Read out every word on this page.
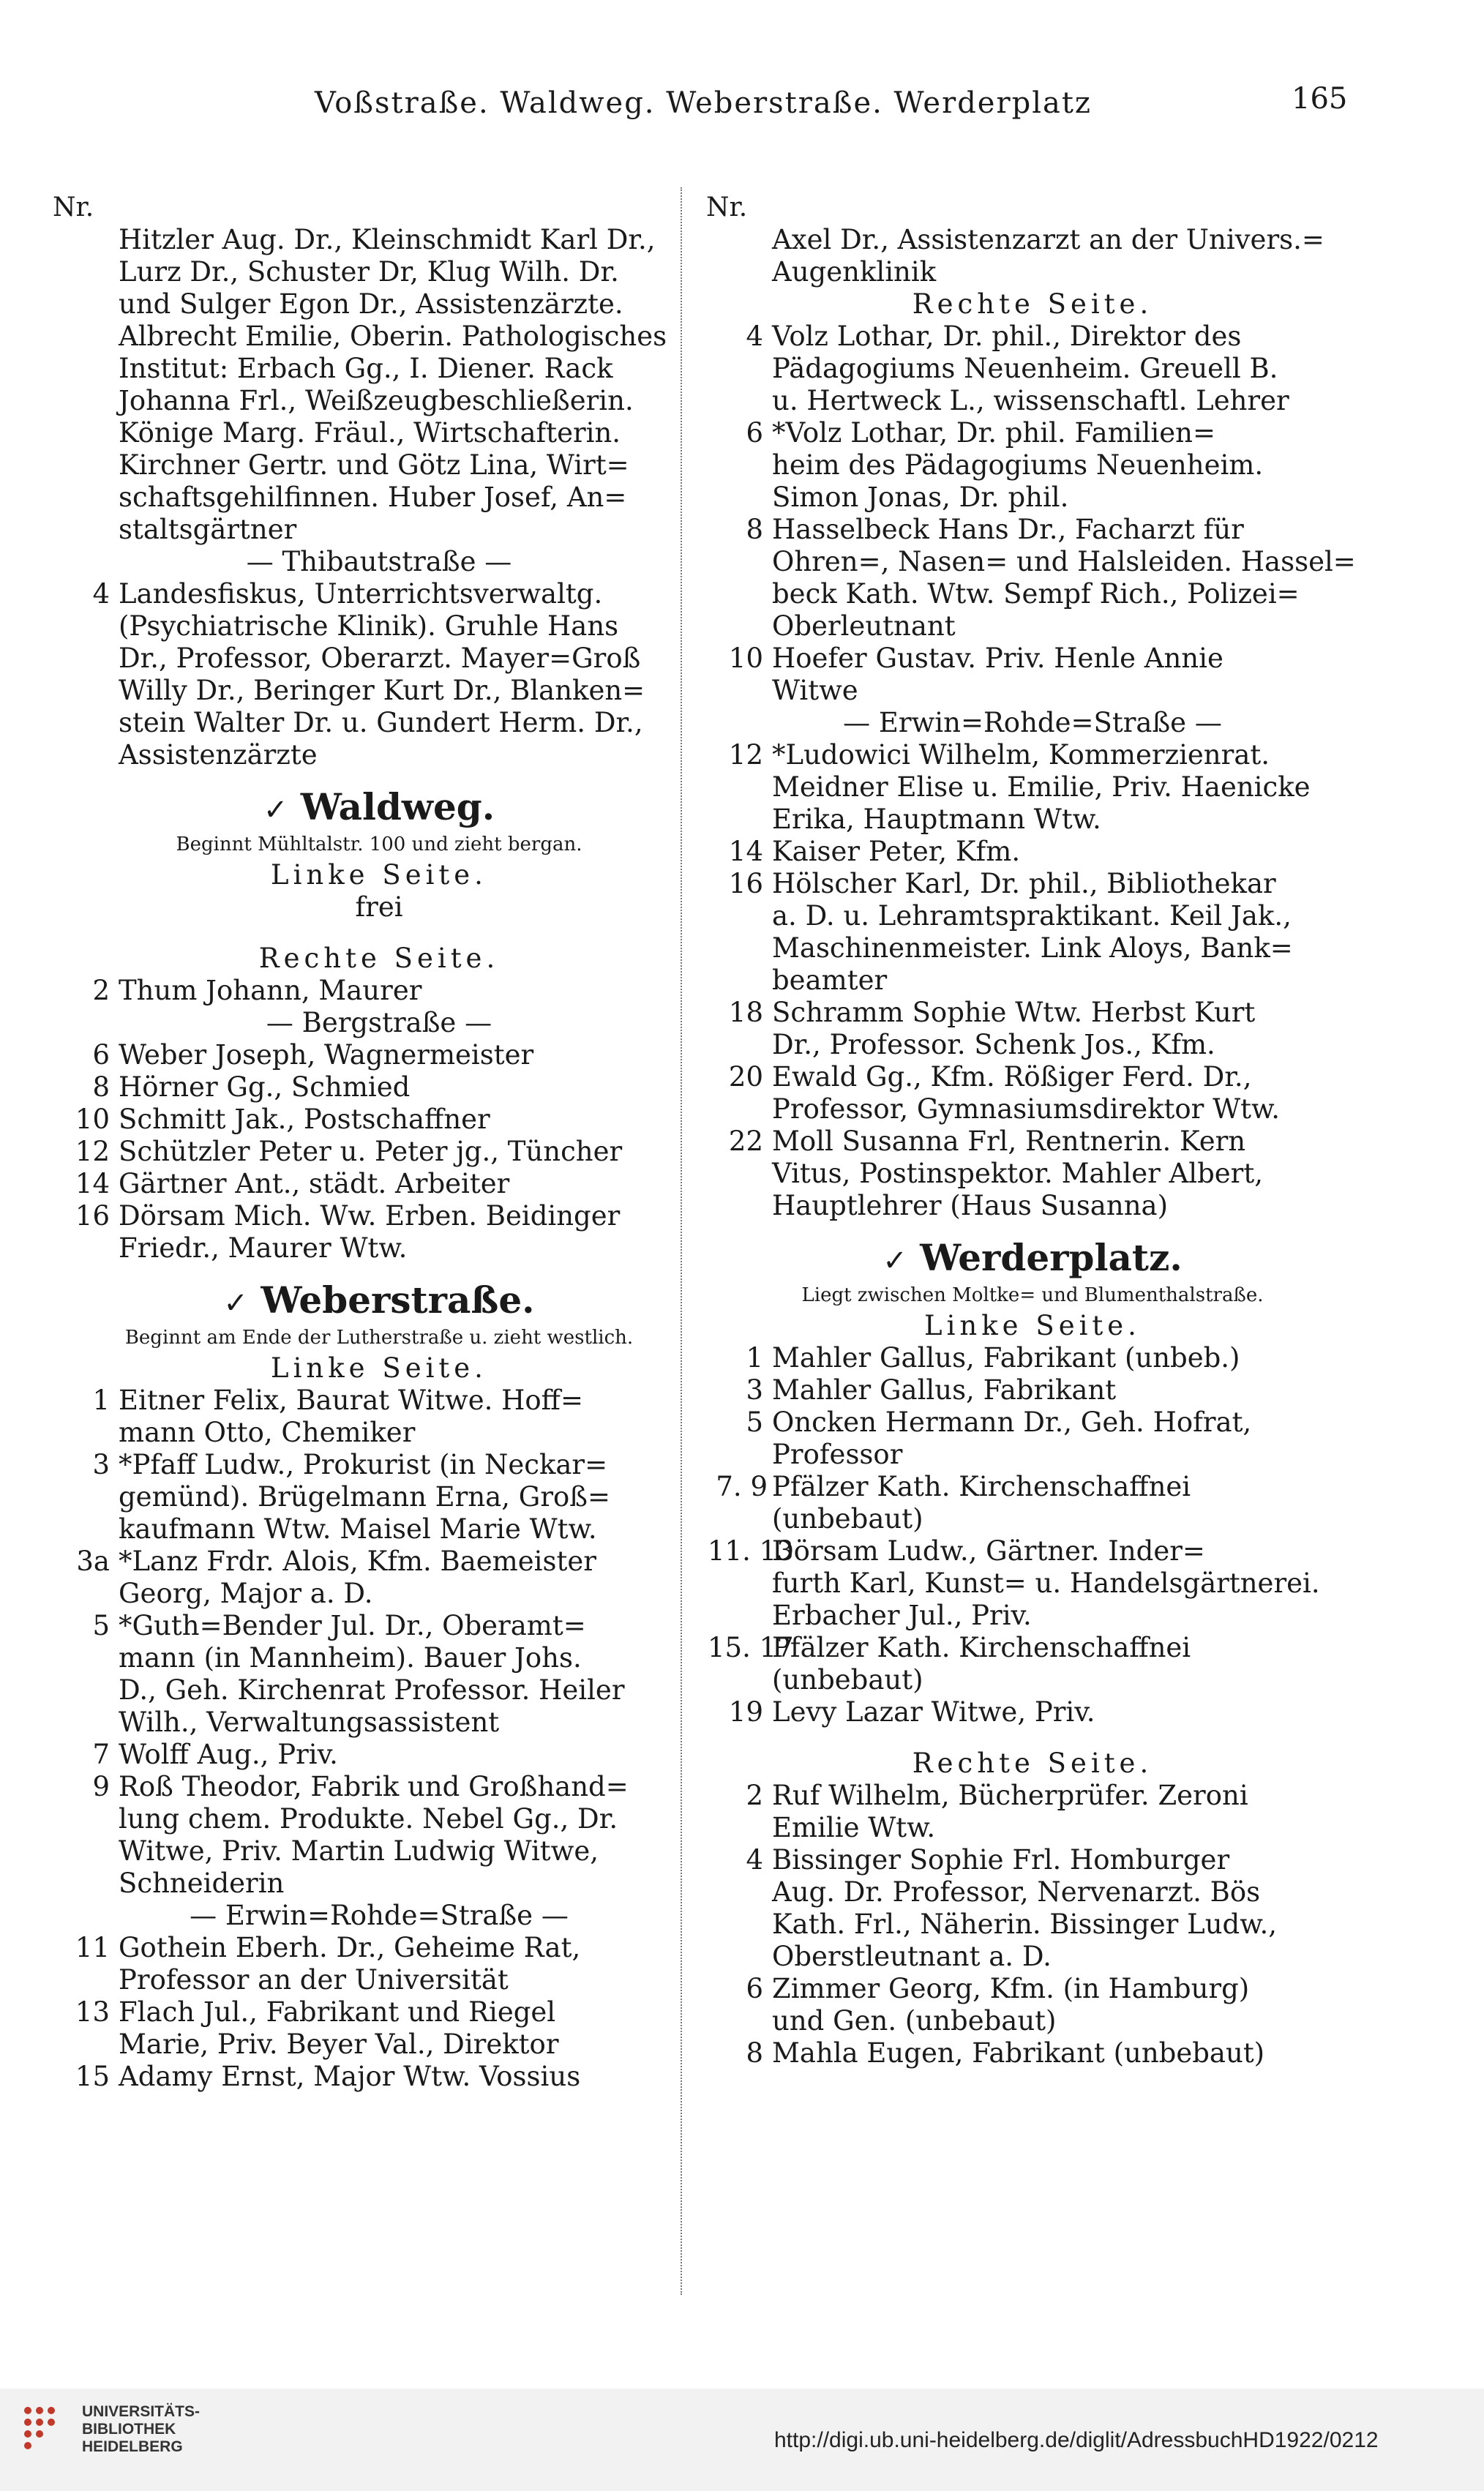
Voßstraße. Waldweg. Weberstraße. Werderplatz	165
Nr.
Hitzler Aug. Dr., Kleinschmidt Karl Dr.,
Lurz Dr., Schuster Dr, Klug Wilh. Dr.
und Sulger Egon Dr., Assistenzärzte.
Albrecht Emilie, Oberin. Pathologisches
Institut: Erbach Gg., I. Diener. Rack
Johanna Frl., Weißzeugbeschließerin.
Könige Marg. Fräul., Wirtschafterin.
Kirchner Gertr. und Götz Lina, Wirt=
schaftsgehilfinnen. Huber Josef, An=
staltsgärtner
— Thibautstraße —
4 Landesfiskus, Unterrichtsverwaltg.
(Psychiatrische Klinik). Gruhle Hans
Dr., Professor, Oberarzt. Mayer=Groß
Willy Dr., Beringer Kurt Dr., Blanken=
stein Walter Dr. u. Gundert Herm. Dr.,
Assistenzärzte
✓ Waldweg.
Beginnt Mühltalstr. 100 und zieht bergan.
Linke Seite.
frei
Rechte Seite.
2 Thum Johann, Maurer
— Bergstraße —
6 Weber Joseph, Wagnermeister
8 Hörner Gg., Schmied
10 Schmitt Jak., Postschaffner
12 Schützler Peter u. Peter jg., Tüncher
14 Gärtner Ant., städt. Arbeiter
16 Dörsam Mich. Ww. Erben. Beidinger
Friedr., Maurer Wtw.
✓ Weberstraße.
Beginnt am Ende der Lutherstraße u. zieht westlich.
Linke Seite.
1 Eitner Felix, Baurat Witwe. Hoff=
mann Otto, Chemiker
3 *Pfaff Ludw., Prokurist (in Neckar=
gemünd). Brügelmann Erna, Groß=
kaufmann Wtw. Maisel Marie Wtw.
3a *Lanz Frdr. Alois, Kfm. Baemeister
Georg, Major a. D.
5 *Guth=Bender Jul. Dr., Oberamt=
mann (in Mannheim). Bauer Johs.
D., Geh. Kirchenrat Professor. Heiler
Wilh., Verwaltungsassistent
7 Wolff Aug., Priv.
9 Roß Theodor, Fabrik und Großhand=
lung chem. Produkte. Nebel Gg., Dr.
Witwe, Priv. Martin Ludwig Witwe,
Schneiderin
— Erwin=Rohde=Straße —
11 Gothein Eberh. Dr., Geheime Rat,
Professor an der Universität
13 Flach Jul., Fabrikant und Riegel
Marie, Priv. Beyer Val., Direktor
15 Adamy Ernst, Major Wtw. Vossius
Nr.
Axel Dr., Assistenzarzt an der Univers.=
Augenklinik
Rechte Seite.
4 Volz Lothar, Dr. phil., Direktor des
Pädagogiums Neuenheim. Greuell B.
u. Hertweck L., wissenschaftl. Lehrer
6 *Volz Lothar, Dr. phil. Familien=
heim des Pädagogiums Neuenheim.
Simon Jonas, Dr. phil.
8 Hasselbeck Hans Dr., Facharzt für
Ohren=, Nasen= und Halsleiden. Hassel=
beck Kath. Wtw. Sempf Rich., Polizei=
Oberleutnant
10 Hoefer Gustav. Priv. Henle Annie
Witwe
— Erwin=Rohde=Straße —
12 *Ludowici Wilhelm, Kommerzienrat.
Meidner Elise u. Emilie, Priv. Haenicke
Erika, Hauptmann Wtw.
14 Kaiser Peter, Kfm.
16 Hölscher Karl, Dr. phil., Bibliothekar
a. D. u. Lehramtspraktikant. Keil Jak.,
Maschinenmeister. Link Aloys, Bank=
beamter
18 Schramm Sophie Wtw. Herbst Kurt
Dr., Professor. Schenk Jos., Kfm.
20 Ewald Gg., Kfm. Rößiger Ferd. Dr.,
Professor, Gymnasiumsdirektor Wtw.
22 Moll Susanna Frl, Rentnerin. Kern
Vitus, Postinspektor. Mahler Albert,
Hauptlehrer (Haus Susanna)
✓ Werderplatz.
Liegt zwischen Moltke= und Blumenthalstraße.
Linke Seite.
1 Mahler Gallus, Fabrikant (unbeb.)
3 Mahler Gallus, Fabrikant
5 Oncken Hermann Dr., Geh. Hofrat,
Professor
7. 9 Pfälzer Kath. Kirchenschaffnei
(unbebaut)
11. 13
Dörsam Ludw., Gärtner. Inder=
furth Karl, Kunst= u. Handelsgärtnerei.
Erbacher Jul., Priv.
15. 17
Pfälzer Kath. Kirchenschaffnei
(unbebaut)
19 Levy Lazar Witwe, Priv.
Rechte Seite.
2 Ruf Wilhelm, Bücherprüfer. Zeroni
Emilie Wtw.
4 Bissinger Sophie Frl. Homburger
Aug. Dr. Professor, Nervenarzt. Bös
Kath. Frl., Näherin. Bissinger Ludw.,
Oberstleutnant a. D.
6 Zimmer Georg, Kfm. (in Hamburg)
und Gen. (unbebaut)
8 Mahla Eugen, Fabrikant (unbebaut)
UNIVERSITÄTS-
BIBLIOTHEK
HEIDELBERG	http://digi.ub.uni-heidelberg.de/diglit/AdressbuchHD1922/0212
